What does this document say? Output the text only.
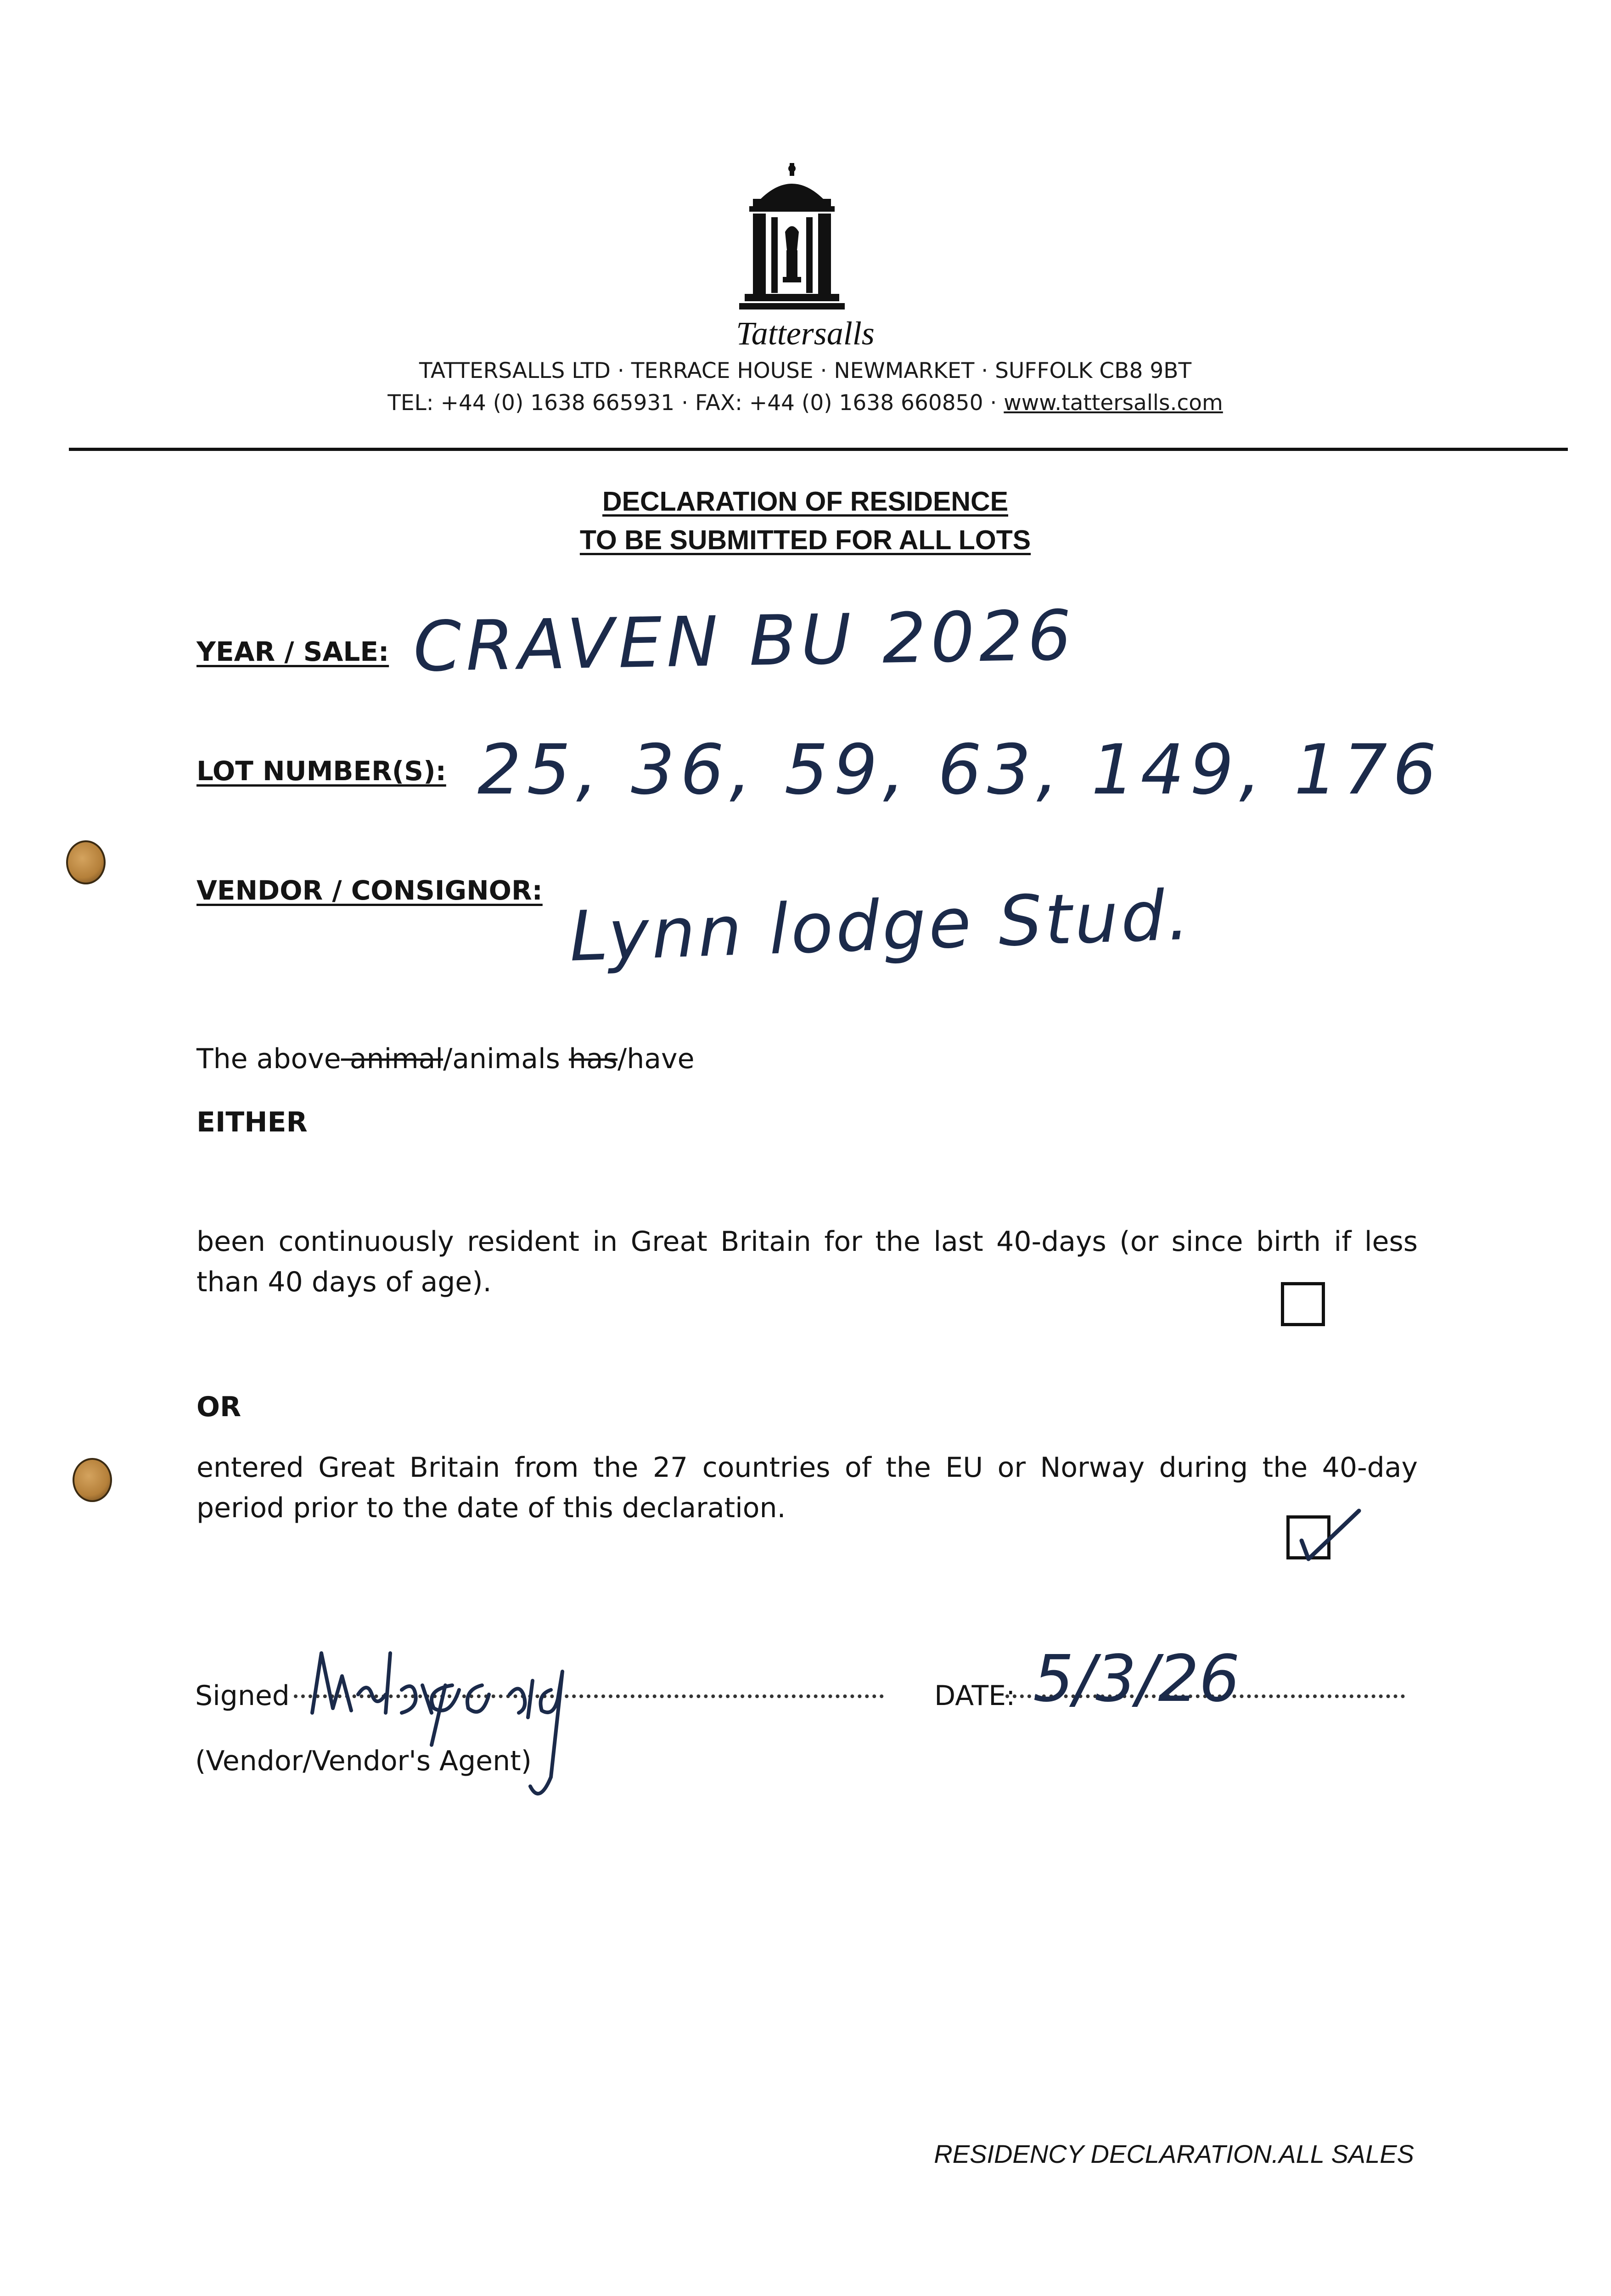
Tattersalls
TATTERSALLS LTD · TERRACE HOUSE · NEWMARKET · SUFFOLK CB8 9BT
TEL: +44 (0) 1638 665931 · FAX: +44 (0) 1638 660850 · www.tattersalls.com
DECLARATION OF RESIDENCE
TO BE SUBMITTED FOR ALL LOTS
YEAR / SALE: CRAVEN BU 2026
LOT NUMBER(S): 25, 36, 59, 63, 149, 176
VENDOR / CONSIGNOR: Lynn lodge Stud.
The above animal/animals has/have
EITHER
been continuously resident in Great Britain for the last 40-days (or since birth if less than 40 days of age).
OR
entered Great Britain from the 27 countries of the EU or Norway during the 40-day period prior to the date of this declaration.
Signed	DATE: 5/3/26
(Vendor/Vendor's Agent)
RESIDENCY DECLARATION.ALL SALES
